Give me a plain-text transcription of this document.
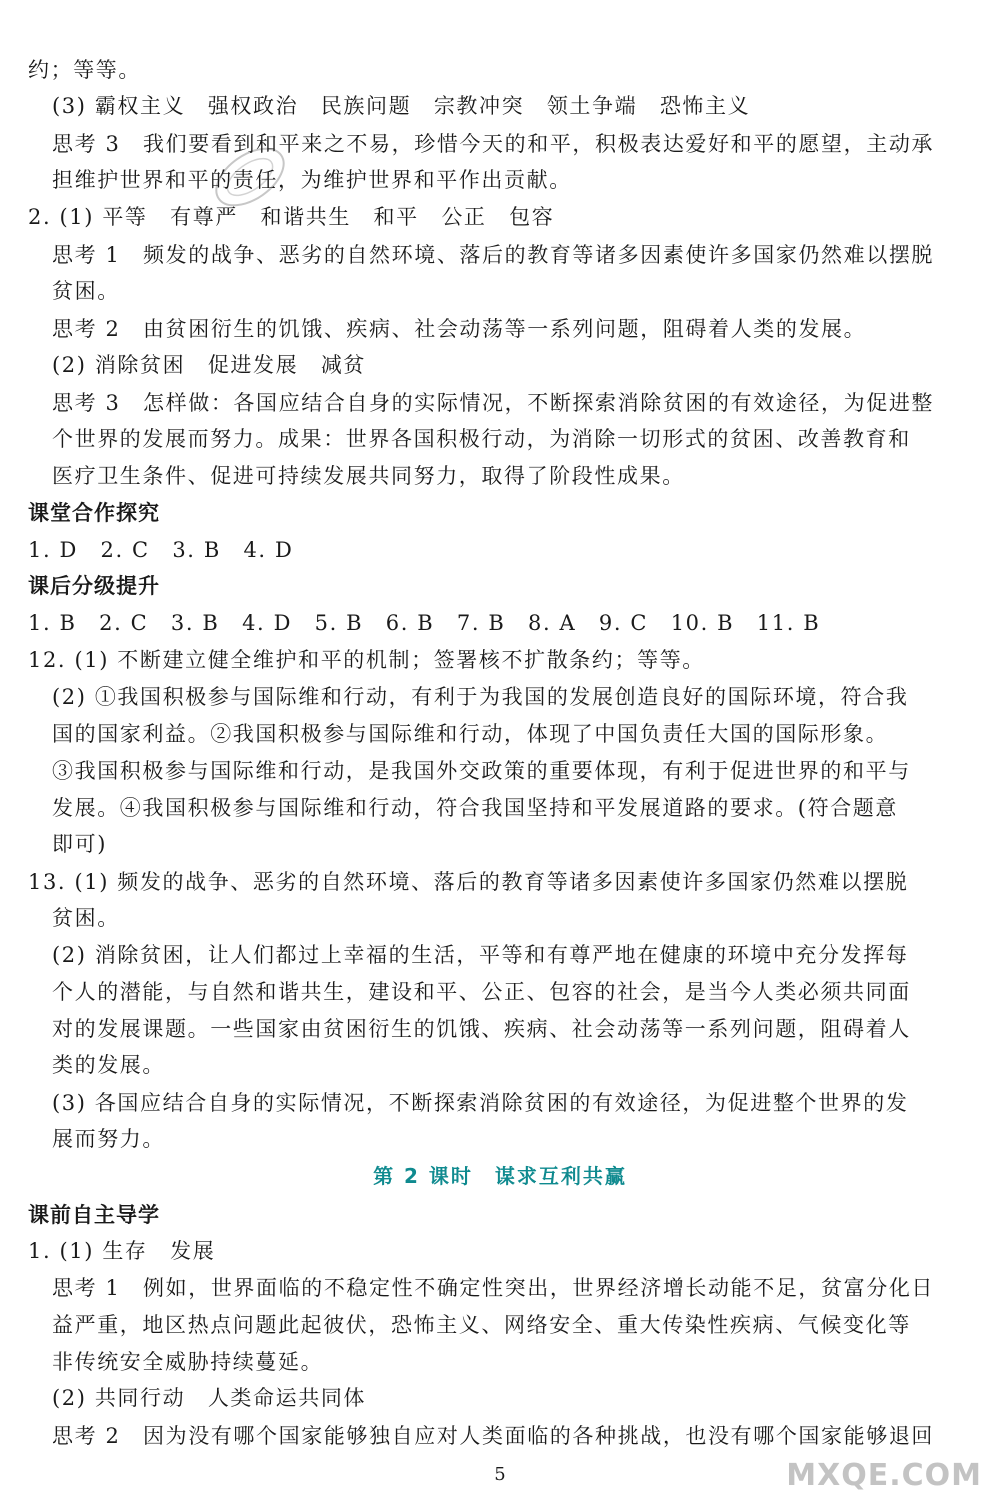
约；等等。
(3) 霸权主义　强权政治　民族问题　宗教冲突　领土争端　恐怖主义
思考 3　我们要看到和平来之不易，珍惜今天的和平，积极表达爱好和平的愿望，主动承
担维护世界和平的责任，为维护世界和平作出贡献。
2. (1) 平等　有尊严　和谐共生　和平　公正　包容
思考 1　频发的战争、恶劣的自然环境、落后的教育等诸多因素使许多国家仍然难以摆脱
贫困。
思考 2　由贫困衍生的饥饿、疾病、社会动荡等一系列问题，阻碍着人类的发展。
(2) 消除贫困　促进发展　减贫
思考 3　怎样做：各国应结合自身的实际情况，不断探索消除贫困的有效途径，为促进整
个世界的发展而努力。成果：世界各国积极行动，为消除一切形式的贫困、改善教育和
医疗卫生条件、促进可持续发展共同努力，取得了阶段性成果。
课堂合作探究
1. D　2. C　3. B　4. D
课后分级提升
1. B　2. C　3. B　4. D　5. B　6. B　7. B　8. A　9. C　10. B　11. B
12. (1) 不断建立健全维护和平的机制；签署核不扩散条约；等等。
(2) ①我国积极参与国际维和行动，有利于为我国的发展创造良好的国际环境，符合我
国的国家利益。②我国积极参与国际维和行动，体现了中国负责任大国的国际形象。
③我国积极参与国际维和行动，是我国外交政策的重要体现，有利于促进世界的和平与
发展。④我国积极参与国际维和行动，符合我国坚持和平发展道路的要求。(符合题意
即可)
13. (1) 频发的战争、恶劣的自然环境、落后的教育等诸多因素使许多国家仍然难以摆脱
贫困。
(2) 消除贫困，让人们都过上幸福的生活，平等和有尊严地在健康的环境中充分发挥每
个人的潜能，与自然和谐共生，建设和平、公正、包容的社会，是当今人类必须共同面
对的发展课题。一些国家由贫困衍生的饥饿、疾病、社会动荡等一系列问题，阻碍着人
类的发展。
(3) 各国应结合自身的实际情况，不断探索消除贫困的有效途径，为促进整个世界的发
展而努力。
第 2 课时　谋求互利共赢
课前自主导学
1. (1) 生存　发展
思考 1　例如，世界面临的不稳定性不确定性突出，世界经济增长动能不足，贫富分化日
益严重，地区热点问题此起彼伏，恐怖主义、网络安全、重大传染性疾病、气候变化等
非传统安全威胁持续蔓延。
(2) 共同行动　人类命运共同体
思考 2　因为没有哪个国家能够独自应对人类面临的各种挑战，也没有哪个国家能够退回
5	MXQE.COM
